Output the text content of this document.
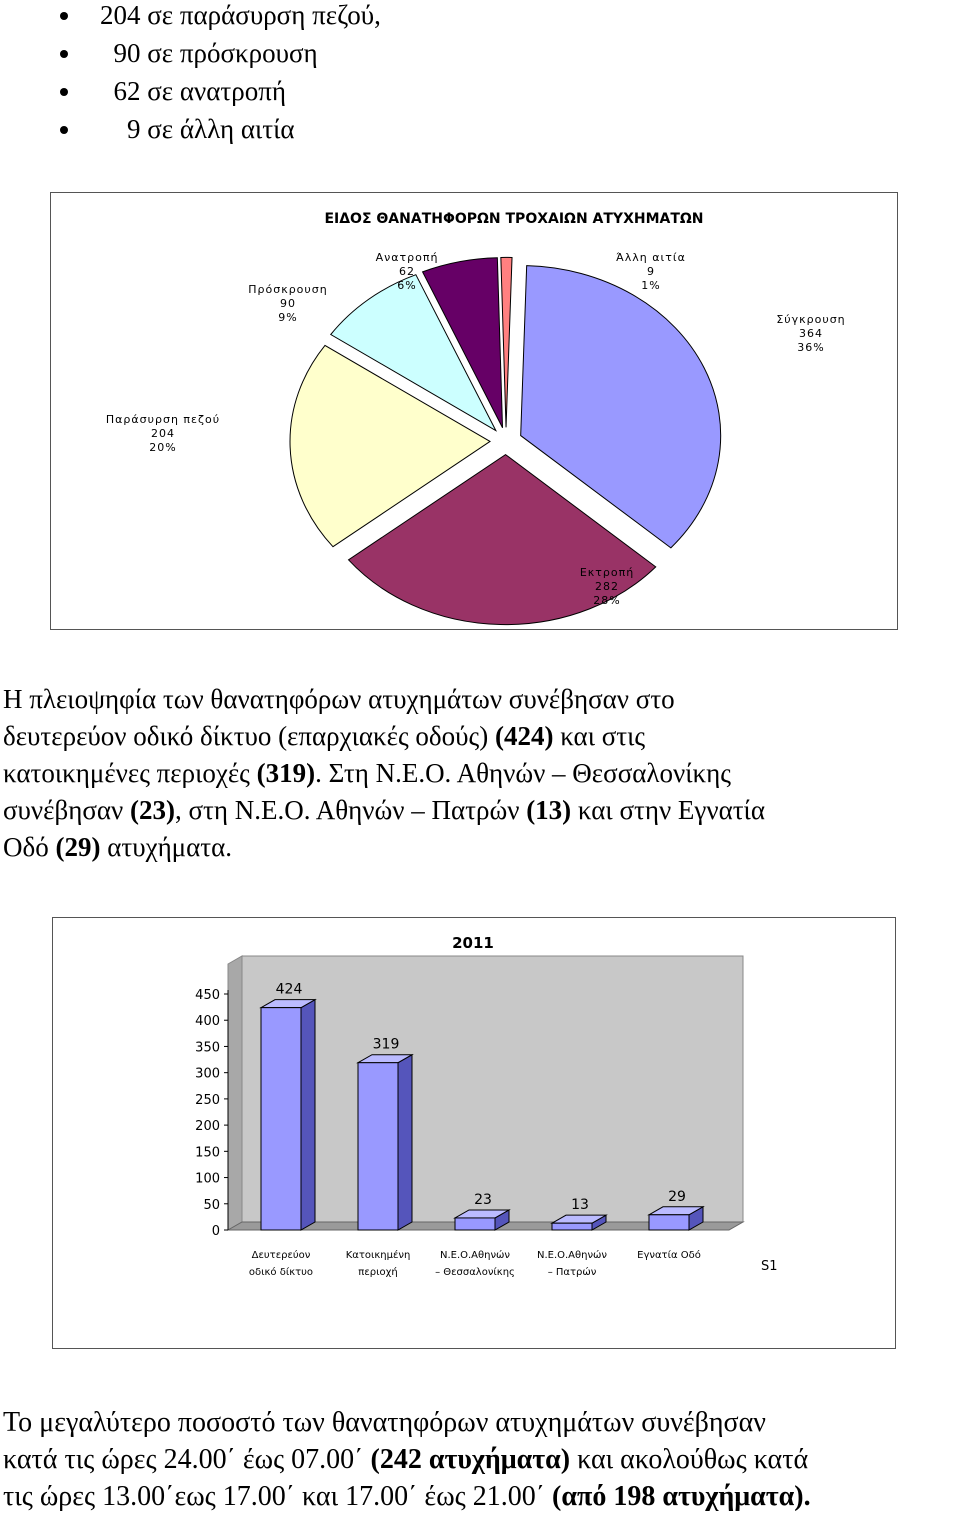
204 σε παράσυρση πεζού,
90 σε πρόσκρουση
62 σε ανατροπή
9 σε άλλη αιτία
ΕΙΔΟΣ ΘΑΝΑΤΗΦΟΡΩΝ ΤΡΟΧΑΙΩΝ ΑΤΥΧΗΜΑΤΩΝ
Σύγκρουση
364
36%
Εκτροπή
282
28%
Παράσυρση πεζού
204
20%
Πρόσκρουση
90
9%
Ανατροπή
62
6%
Άλλη αιτία
9
1%
Η πλειοψηφία των θανατηφόρων ατυχημάτων συνέβησαν στο
δευτερεύον οδικό δίκτυο (επαρχιακές οδούς) (424) και στις
κατοικημένες περιοχές (319). Στη Ν.Ε.Ο. Αθηνών – Θεσσαλονίκης
συνέβησαν (23), στη Ν.Ε.Ο. Αθηνών – Πατρών (13) και στην Εγνατία
Οδό (29) ατυχήματα.
2011
0
50
100
150
200
250
300
350
400
450	424
Δευτερεύον
οδικό δίκτυο
319
Κατοικημένη
περιοχή
23
Ν.Ε.Ο.Αθηνών
– Θεσσαλονίκης
13
Ν.Ε.Ο.Αθηνών
– Πατρών
29
Εγνατία Οδό
S1
Το μεγαλύτερο ποσοστό των θανατηφόρων ατυχημάτων συνέβησαν
κατά τις ώρες 24.00΄ έως 07.00΄ (242 ατυχήματα) και ακολούθως κατά
τις ώρες 13.00΄εως 17.00΄ και 17.00΄ έως 21.00΄ (από 198 ατυχήματα).
